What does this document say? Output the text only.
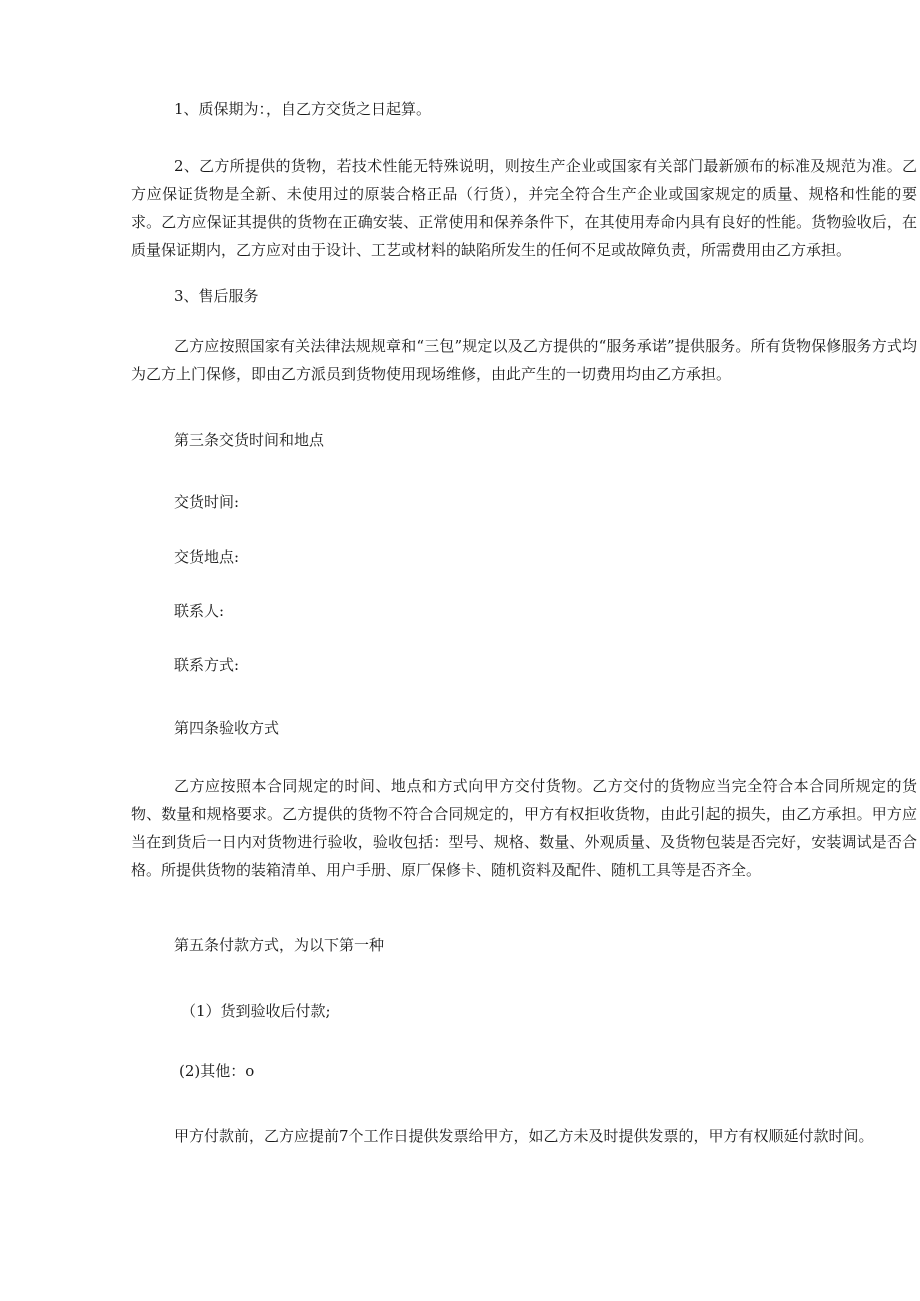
1、质保期为：，自乙方交货之日起算。

2、乙方所提供的货物，若技术性能无特殊说明，则按生产企业或国家有关部门最新颁布的标准及规范为准。乙方应保证货物是全新、未使用过的原装合格正品（行货），并完全符合生产企业或国家规定的质量、规格和性能的要求。乙方应保证其提供的货物在正确安装、正常使用和保养条件下，在其使用寿命内具有良好的性能。货物验收后，在质量保证期内，乙方应对由于设计、工艺或材料的缺陷所发生的任何不足或故障负责，所需费用由乙方承担。

3、售后服务

乙方应按照国家有关法律法规规章和“三包”规定以及乙方提供的“服务承诺”提供服务。所有货物保修服务方式均为乙方上门保修，即由乙方派员到货物使用现场维修，由此产生的一切费用均由乙方承担。

第三条交货时间和地点

交货时间:
交货地点:
联系人:
联系方式:

第四条验收方式

乙方应按照本合同规定的时间、地点和方式向甲方交付货物。乙方交付的货物应当完全符合本合同所规定的货物、数量和规格要求。乙方提供的货物不符合合同规定的，甲方有权拒收货物，由此引起的损失，由乙方承担。甲方应当在到货后一日内对货物进行验收，验收包括：型号、规格、数量、外观质量、及货物包装是否完好，安装调试是否合格。所提供货物的装箱清单、用户手册、原厂保修卡、随机资料及配件、随机工具等是否齐全。

第五条付款方式，为以下第一种

（1）货到验收后付款;

(2)其他：o

甲方付款前，乙方应提前7个工作日提供发票给甲方，如乙方未及时提供发票的，甲方有权顺延付款时间。
